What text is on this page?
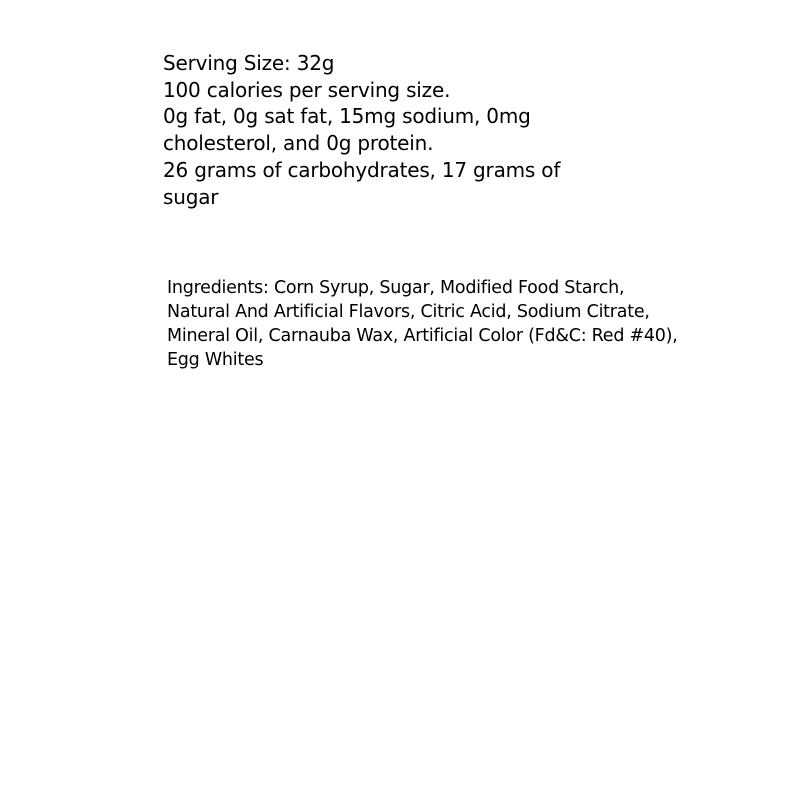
Serving Size: 32g
100 calories per serving size.
0g fat, 0g sat fat, 15mg sodium, 0mg
cholesterol, and 0g protein.
26 grams of carbohydrates, 17 grams of
sugar
Ingredients: Corn Syrup, Sugar, Modified Food Starch,
Natural And Artificial Flavors, Citric Acid, Sodium Citrate,
Mineral Oil, Carnauba Wax, Artificial Color (Fd&C: Red #40),
Egg Whites
